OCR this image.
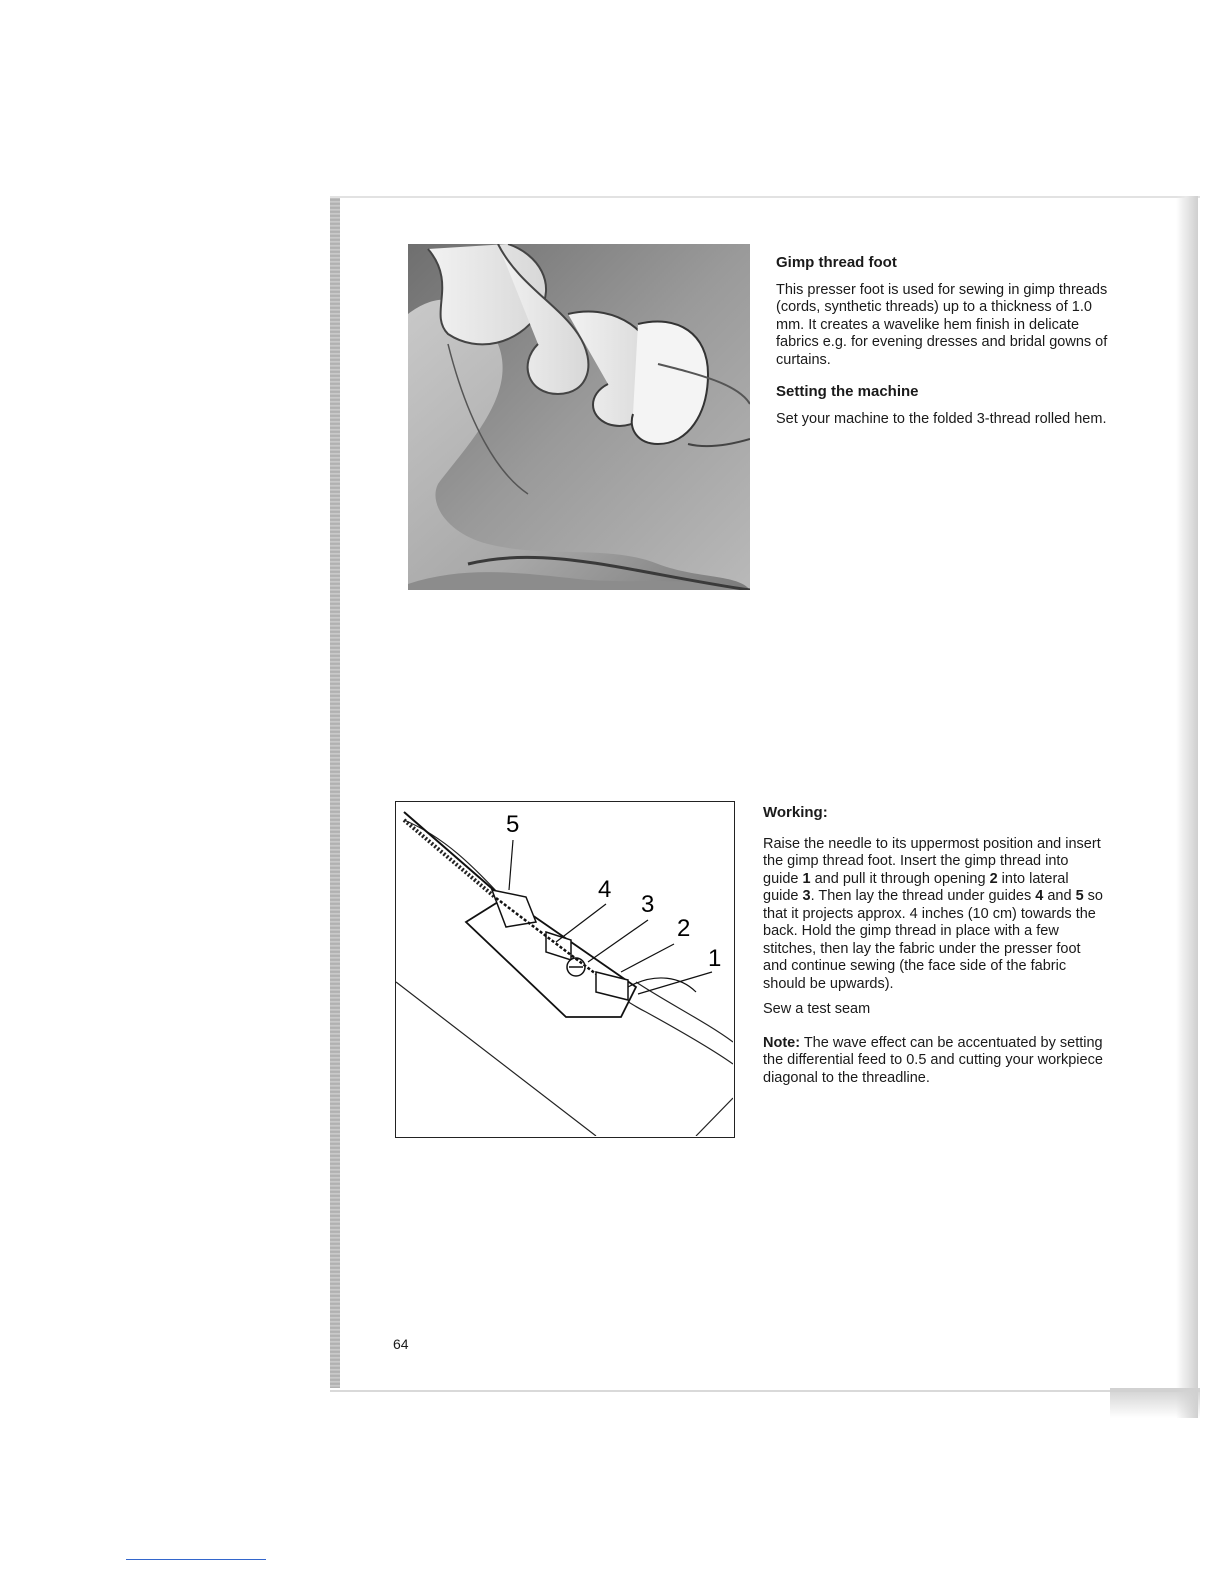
Gimp thread foot
This presser foot is used for sewing in gimp threads (cords, synthetic threads) up to a thickness of 1.0 mm. It creates a wavelike hem finish in delicate fabrics e.g. for evening dresses and bridal gowns of curtains.
Setting the machine
Set your machine to the folded 3-thread rolled hem.
5
4
3
2
1
Working:
Raise the needle to its uppermost position and insert the gimp thread foot. Insert the gimp thread into guide 1 and pull it through opening 2 into lateral guide 3. Then lay the thread under guides 4 and 5 so that it projects approx. 4 inches (10 cm) towards the back. Hold the gimp thread in place with a few stitches, then lay the fabric under the presser foot and continue sewing (the face side of the fabric should be upwards).
Sew a test seam
Note: The wave effect can be accentuated by setting the differential feed to 0.5 and cutting your workpiece diagonal to the threadline.
64
